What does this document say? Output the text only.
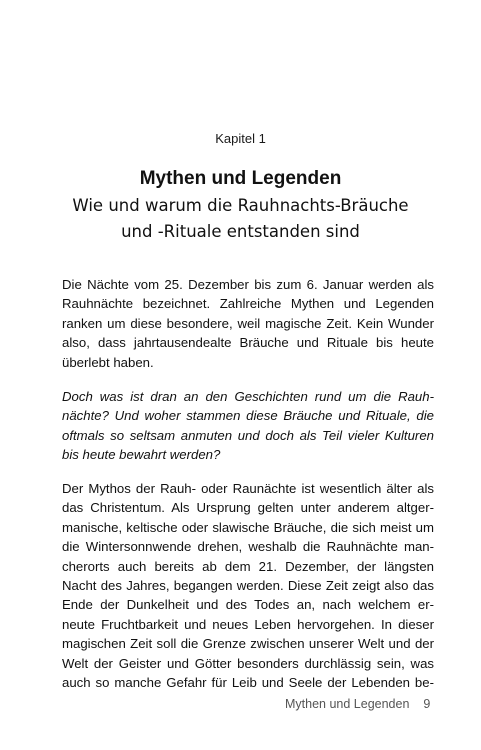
Kapitel 1
Mythen und Legenden
Wie und warum die Rauhnachts-Bräuche
und -Rituale entstanden sind
Die Nächte vom 25. Dezember bis zum 6. Januar werden als
Rauhnächte bezeichnet. Zahlreiche Mythen und Legenden
ranken um diese besondere, weil magische Zeit. Kein Wunder
also, dass jahrtausendealte Bräuche und Rituale bis heute
überlebt haben.
Doch was ist dran an den Geschichten rund um die Rauh-
nächte? Und woher stammen diese Bräuche und Rituale, die
oftmals so seltsam anmuten und doch als Teil vieler Kulturen
bis heute bewahrt werden?
Der Mythos der Rauh- oder Raunächte ist wesentlich älter als
das Christentum. Als Ursprung gelten unter anderem altger-
manische, keltische oder slawische Bräuche, die sich meist um
die Wintersonnwende drehen, weshalb die Rauhnächte man-
cherorts auch bereits ab dem 21. Dezember, der längsten
Nacht des Jahres, begangen werden. Diese Zeit zeigt also das
Ende der Dunkelheit und des Todes an, nach welchem er-
neute Fruchtbarkeit und neues Leben hervorgehen. In dieser
magischen Zeit soll die Grenze zwischen unserer Welt und der
Welt der Geister und Götter besonders durchlässig sein, was
auch so manche Gefahr für Leib und Seele der Lebenden be-
Mythen und Legenden 9
